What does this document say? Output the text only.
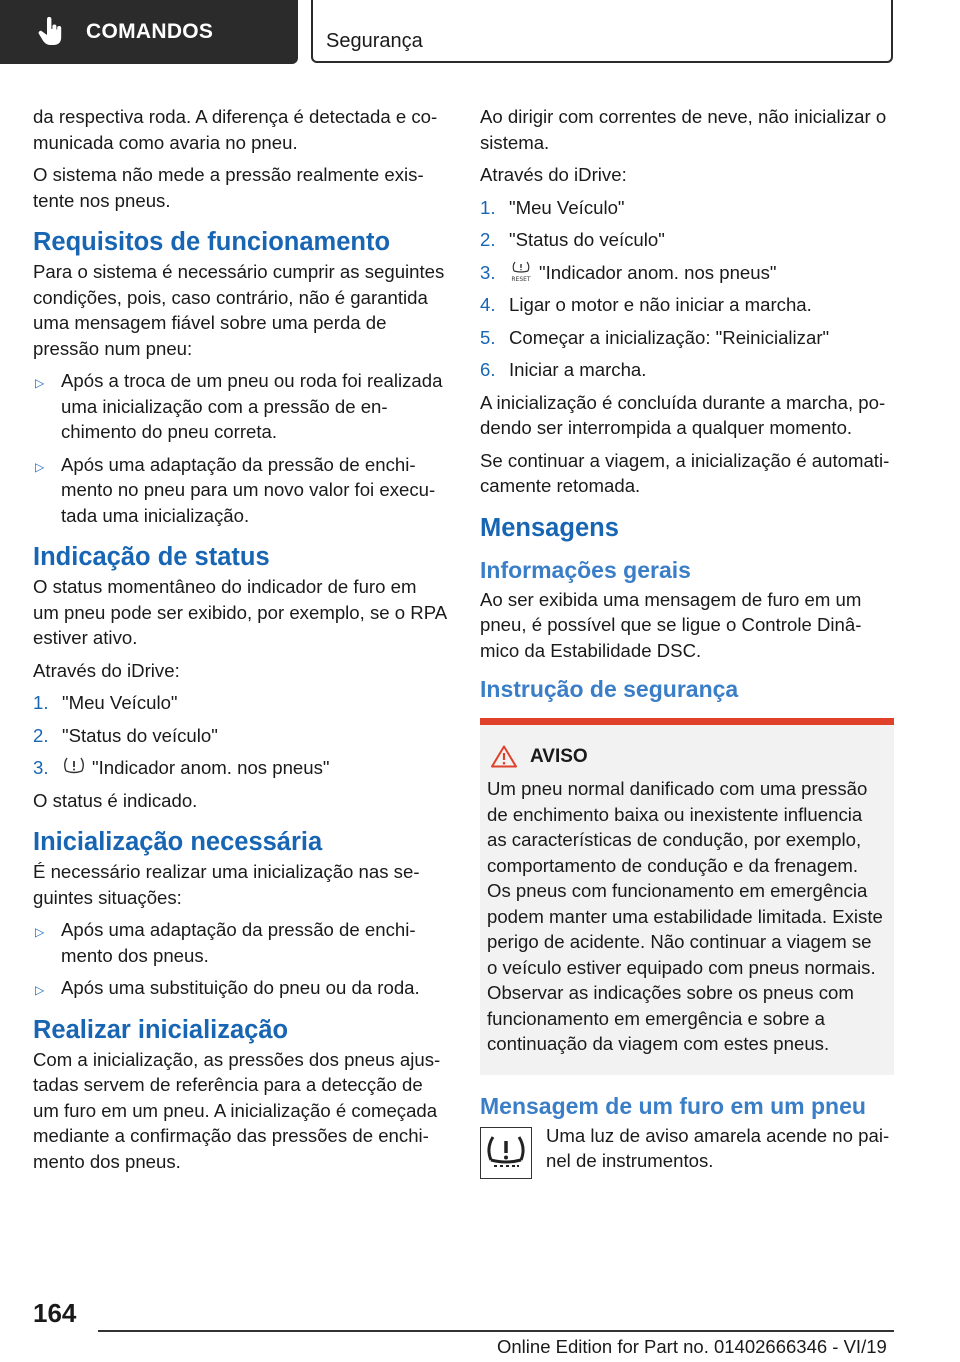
COMANDOS	Segurança

da respectiva roda. A diferença é detectada e comunicada como avaria no pneu.

O sistema não mede a pressão realmente existente nos pneus.

Requisitos de funcionamento

Para o sistema é necessário cumprir as seguintes condições, pois, caso contrário, não é garantida uma mensagem fiável sobre uma perda de pressão num pneu:

▷ Após a troca de um pneu ou roda foi realizada uma inicialização com a pressão de enchimento do pneu correta.
▷ Após uma adaptação da pressão de enchimento no pneu para um novo valor foi executada uma inicialização.
Indicação de status

O status momentâneo do indicador de furo em um pneu pode ser exibido, por exemplo, se o RPA estiver ativo.

Através do iDrive:

1. "Meu Veículo"
2. "Status do veículo"
3. "Indicador anom. nos pneus"

O status é indicado.

Inicialização necessária

É necessário realizar uma inicialização nas seguintes situações:

▷ Após uma adaptação da pressão de enchimento dos pneus.
▷ Após uma substituição do pneu ou da roda.
Realizar inicialização

Com a inicialização, as pressões dos pneus ajustadas servem de referência para a detecção de um furo em um pneu. A inicialização é começada mediante a confirmação das pressões de enchimento dos pneus.

Ao dirigir com correntes de neve, não inicializar o sistema.

Através do iDrive:

1. "Meu Veículo"
2. "Status do veículo"
3.	RESET "Indicador anom. nos pneus"
4. Ligar o motor e não iniciar a marcha.
5. Começar a inicialização: "Reinicializar"
6. Iniciar a marcha.

A inicialização é concluída durante a marcha, podendo ser interrompida a qualquer momento.

Se continuar a viagem, a inicialização é automaticamente retomada.

Mensagens
Informações gerais

Ao ser exibida uma mensagem de furo em um pneu, é possível que se ligue o Controle Dinâmico da Estabilidade DSC.

Instrução de segurança
AVISO

Um pneu normal danificado com uma pressão de enchimento baixa ou inexistente influencia as características de condução, por exemplo, comportamento de condução e da frenagem. Os pneus com funcionamento em emergência podem manter uma estabilidade limitada. Existe perigo de acidente. Não continuar a viagem se o veículo estiver equipado com pneus normais. Observar as indicações sobre os pneus com funcionamento em emergência e sobre a continuação da viagem com estes pneus.

Mensagem de um furo em um pneu

Uma luz de aviso amarela acende no painel de instrumentos.

164
Online Edition for Part no. 01402666346 - VI/19
